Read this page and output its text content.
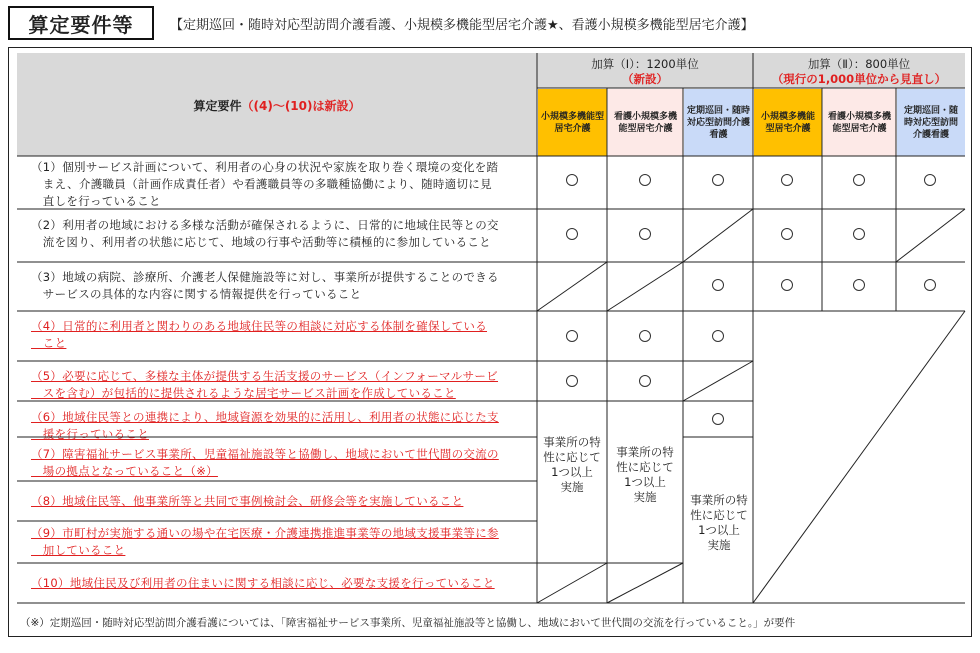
算定要件等	【定期巡回・随時対応型訪問介護看護、小規模多機能型居宅介護★、看護小規模多機能型居宅介護】
小規模多機能型居宅介護
看護小規模多機能型居宅介護
定期巡回・随時対応型訪問介護看護
小規模多機能型居宅介護
看護小規模多機能型居宅介護
定期巡回・随時対応型訪問介護看護
算定要件（(4)〜(10)は新設）
加算（Ⅰ）：1200単位
（新設）
加算（Ⅱ）：800単位
（現行の1,000単位から見直し）
（1）個別サービス計画について、利用者の心身の状況や家族を取り巻く環境の変化を踏
　まえ、介護職員（計画作成責任者）や看護職員等の多職種協働により、随時適切に見
　直しを行っていること
（2）利用者の地域における多様な活動が確保されるように、日常的に地域住民等との交
　流を図り、利用者の状態に応じて、地域の行事や活動等に積極的に参加していること
（3）地域の病院、診療所、介護老人保健施設等に対し、事業所が提供することのできる
　サービスの具体的な内容に関する情報提供を行っていること
（4）日常的に利用者と関わりのある地域住民等の相談に対応する体制を確保している
　こと
（5）必要に応じて、多様な主体が提供する生活支援のサービス（インフォーマルサービ
　スを含む）が包括的に提供されるような居宅サービス計画を作成していること
（6）地域住民等との連携により、地域資源を効果的に活用し、利用者の状態に応じた支
　援を行っていること
（7）障害福祉サービス事業所、児童福祉施設等と協働し、地域において世代間の交流の
　場の拠点となっていること（※）
（8）地域住民等、他事業所等と共同で事例検討会、研修会等を実施していること
（9）市町村が実施する通いの場や在宅医療・介護連携推進事業等の地域支援事業等に参
　加していること
（10）地域住民及び利用者の住まいに関する相談に応じ、必要な支援を行っていること
事業所の特
性に応じて
1つ以上
実施
事業所の特
性に応じて
1つ以上
実施	事業所の特
性に応じて
1つ以上
実施
（※）定期巡回・随時対応型訪問介護看護については、「障害福祉サービス事業所、児童福祉施設等と協働し、地域において世代間の交流を行っていること。」が要件
